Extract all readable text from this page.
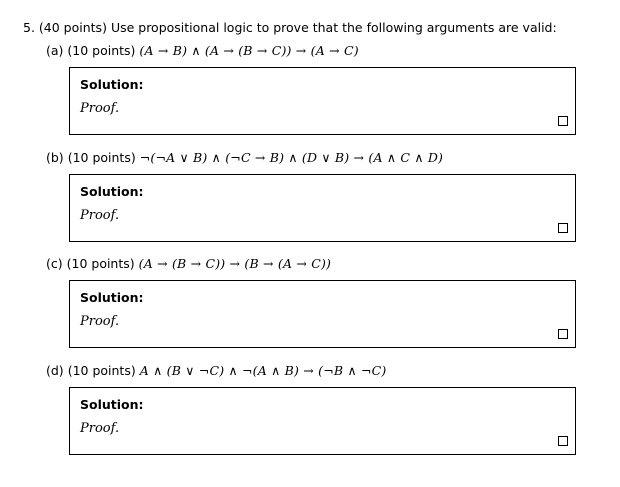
5. (40 points) Use propositional logic to prove that the following arguments are valid:
(a) (10 points) (A → B) ∧ (A → (B → C)) → (A → C)
Solution:
Proof.
(b) (10 points) ¬(¬A ∨ B) ∧ (¬C → B) ∧ (D ∨ B) → (A ∧ C ∧ D)
Solution:
Proof.
(c) (10 points) (A → (B → C)) → (B → (A → C))
Solution:
Proof.
(d) (10 points) A ∧ (B ∨ ¬C) ∧ ¬(A ∧ B) → (¬B ∧ ¬C)
Solution:
Proof.
